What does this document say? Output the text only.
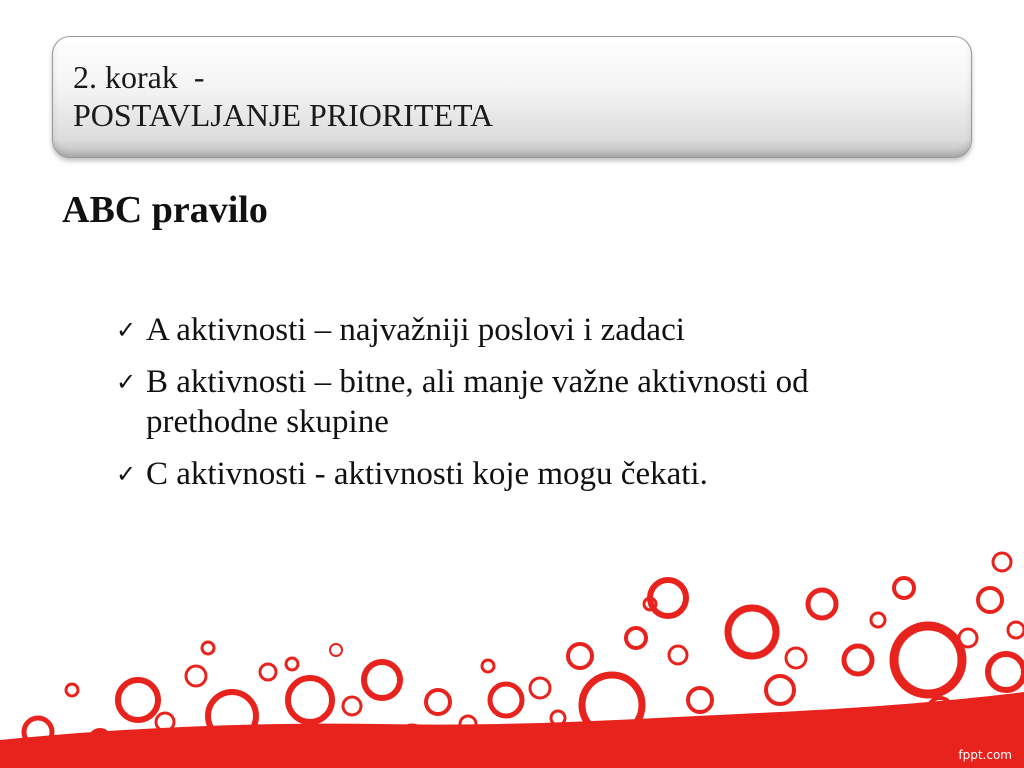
2. korak  -
POSTAVLJANJE PRIORITETA
ABC pravilo
✓ A aktivnosti – najvažniji poslovi i zadaci
✓ B aktivnosti – bitne, ali manje važne aktivnosti od prethodne skupine
✓ C aktivnosti - aktivnosti koje mogu čekati.
fppt.com
